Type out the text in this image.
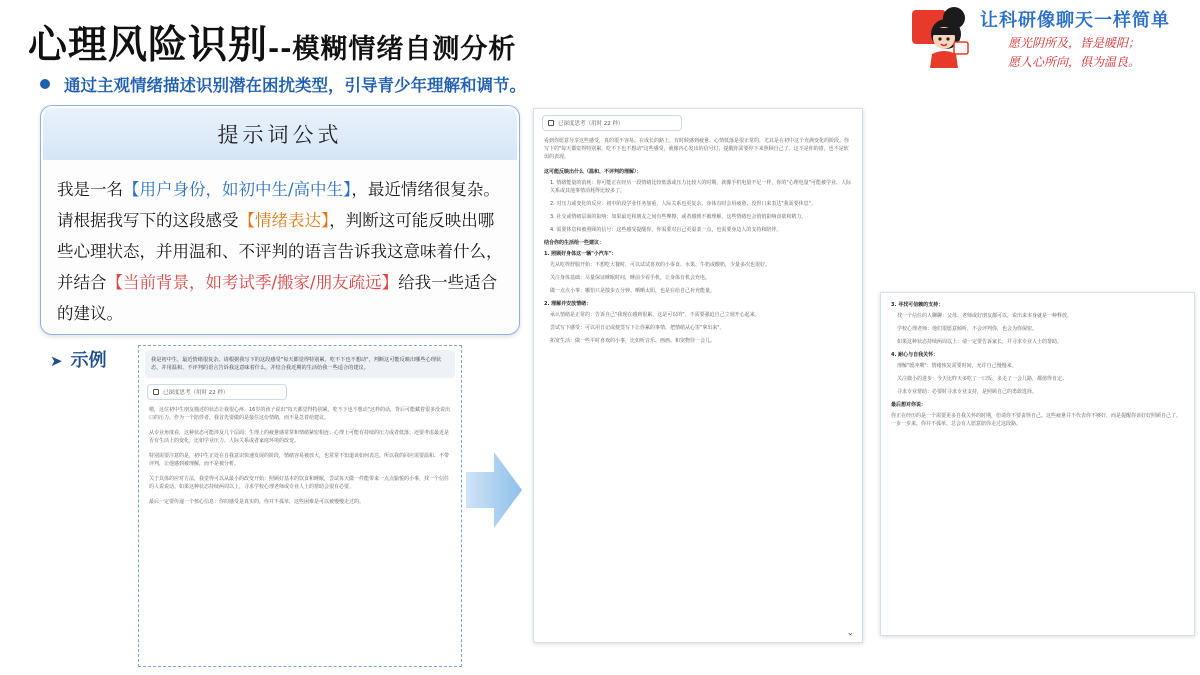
心理风险识别--模糊情绪自测分析
通过主观情绪描述识别潜在困扰类型，引导青少年理解和调节。
让科研像聊天一样简单
愿光阴所及，皆是暖阳；
愿人心所向，俱为温良。
提示词公式
我是一名【用户身份，如初中生/高中生】，最近情绪很复杂。请根据我写下的这段感受【情绪表达】，判断这可能反映出哪些心理状态，并用温和、不评判的语言告诉我这意味着什么，并结合【当前背景，如考试季/搬家/朋友疏远】给我一些适合的建议。
➤ 示例	我是初中生，最近情绪很复杂。请根据我写下的这段感受"每天都觉得特别累，吃不下也不想动"，判断这可能反映出哪些心理状态，并用温和、不评判的语言告诉我这意味着什么，并结合我近期的生活给我一些适合的建议。
已深度思考（用时 22 秒）

嗯，这位初中生朋友描述的状态让我很心疼。16岁的孩子说出"每天都觉得特别累，吃不下也不想动"这样的话，背后可能藏着很多没说出口的压力。作为一个陪伴者，我首先要做的是接住这份情绪，而不是急着给建议。

从专业角度看，这种状态可能涉及几个层面：生理上的疲惫感常常和情绪紧密相连；心理上可能有持续的压力或者低落；还要考虑最近是否有生活上的变化，比如学业压力、人际关系或者家庭环境的改变。

特别需要注意的是，初中生正处在自我意识快速发展的阶段，情绪容易被放大，也常常不知道该如何表达。所以我的回应需要温和、不带评判，让他感到被理解，而不是被分析。

关于具体的应对方法，我觉得可以从最小的改变开始：照顾好基本的饮食和睡眠，尝试每天做一件能带来一点点愉悦的小事，找一个信任的人说说话。如果这种状态持续两周以上，寻求学校心理老师或专业人士的帮助会很有必要。

最后一定要传递一个核心信息：你的感受是真实的，你并不孤单，这些困难是可以被慢慢走过的。

已深度思考（用时 22 秒）

看到你愿意分享这些感受，真的很不容易。在成长的路上，有时候感到疲惫、心情低落是很正常的，尤其是在初中这个充满变化的阶段。你写下的"每天都觉得特别累，吃不下也不想动"这些感受，就像内心发出的信号灯，提醒你需要停下来照顾自己了。这不是你的错，也不是软弱的表现。

这可能反映出什么（温和、不评判的理解）：
1. 情绪能量的消耗：你可能正在经历一段情绪比较低落或压力比较大的时期。就像手机电量不足一样，你的"心理电量"可能被学业、人际关系或其他事情消耗得比较多了。
2. 对压力或变化的反应：初中阶段学业任务加重，人际关系也更复杂。身体有时会用疲惫、没胃口来表达"我需要休息"。
3. 社交或情绪层面的影响：如果最近和朋友之间有些摩擦，或者感到不被理解，这些情绪也会悄悄影响食欲和精力。
4. 需要休息和被照顾的信号：这些感受提醒你，你需要对自己更温柔一点，也需要身边人的支持和陪伴。
结合你的生活给一些建议：
1. 照顾好身体这一辆"小汽车"：
先从吃得舒服开始：不想吃大餐时，可以试试喜欢的小零食、水果、牛奶或酸奶，少量多次也很好。
关注身体基础：尽量保证睡眠时间，睡前少看手机，让身体有机会充电。
做一点点小事：哪怕只是散步五分钟、晒晒太阳，也是在给自己补充能量。
2. 理解并安放情绪：
承认情绪是正常的：告诉自己"我现在感到很累，这是可以的"，不需要强迫自己立刻开心起来。
尝试写下感受：可以用日记或便签写下让你累的事情，把情绪从心里"拿出来"。
拓宽生活：做一些平时喜欢的小事，比如听音乐、画画、和宠物待一会儿。
⌄
3. 寻找可信赖的支持：
找一个信任的人聊聊：父母、老师或好朋友都可以，说出来本身就是一种释放。
学校心理老师：他们很愿意倾听，不会评判你，也会为你保密。
如果这种状态持续两周以上：请一定要告诉家长，并寻求专业人士的帮助。
4. 耐心与自我关怀：
理解"缓冲期"：情绪恢复需要时间，允许自己慢慢来。
关注微小的进步：今天比昨天多吃了一口饭、多走了一会儿路，都值得肯定。
寻求专业帮助：必要时寻求专业支持，是照顾自己的勇敢选择。
最后想对你说：

你正在经历的是一个需要更多自我关怀的时期，但请你不要责怪自己。这些疲惫并不代表你不够好，而是提醒你该好好照顾自己了。一步一步来，你并不孤单，总会有人愿意陪你走过这段路。
